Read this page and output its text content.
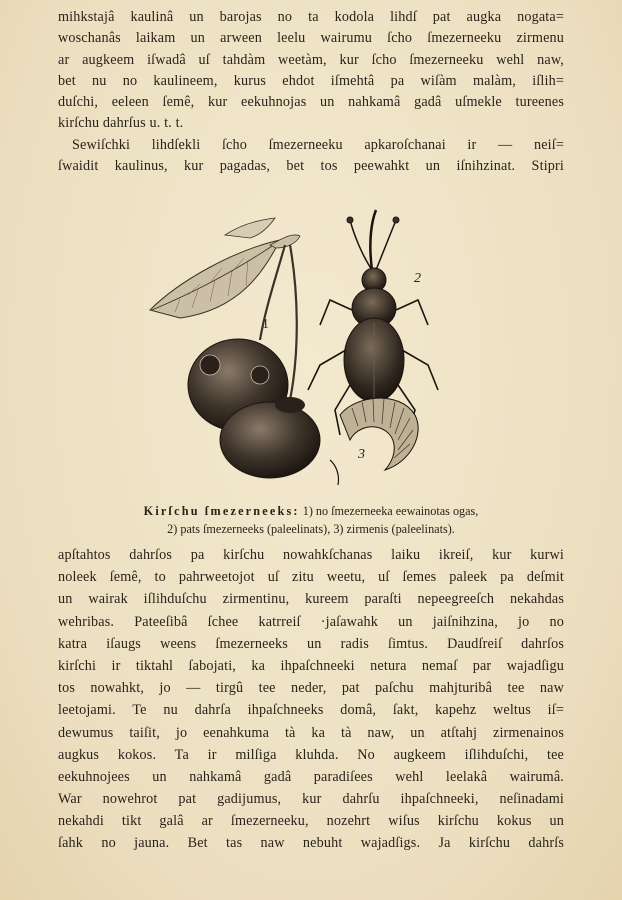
mihkstajâ kaulinâ un barojas no ta kodola lihdſ pat augka nogata=
woschanâs laikam un arween leelu wairumu ſcho ſmezerneeku zirmenu
ar augkeem iſwadâ uſ tahdàm weetàm, kur ſcho ſmezerneeku wehl naw,
bet nu no kaulineem, kurus ehdot iſmehtâ pa wiſàm malàm, iſlih=
duſchi, eeleen ſemê, kur eekuhnojas un nahkamâ gadâ uſmekle tureenes
kirſchu dahrſus u. t. t.
Sewiſchki lihdſekli ſcho ſmezerneeku apkaroſchanai ir — neiſ=
ſwaidit kaulinus, kur pagadas, bet tos peewahkt un iſnihzinat. Stipri
1
2
3
Kirſchu ſmezerneeks: 1) no ſmezerneeka eewainotas ogas,
2) pats ſmezerneeks (paleelinats), 3) zirmenis (paleelinats).
apſtahtos dahrſos pa kirſchu nowahkſchanas laiku ikreiſ, kur kurwi
noleek ſemê, to pahrweetojot uſ zitu weetu, uſ ſemes paleek pa deſmit
un wairak iſlihduſchu zirmentinu, kureem paraſti nepeegreeſch nekahdas
wehribas. Pateeſibâ ſchee katrreiſ ·jaſawahk un jaiſnihzina, jo no
katra iſaugs weens ſmezerneeks un radis ſimtus. Daudſreiſ dahrſos
kirſchi ir tiktahl ſabojati, ka ihpaſchneeki netura nemaſ par wajadſigu
tos nowahkt, jo — tirgû tee neder, pat paſchu mahjturibâ tee naw
leetojami. Te nu dahrſa ihpaſchneeks domâ, ſakt, kapehz weltus iſ=
dewumus taiſit, jo eenahkuma tà ka tà naw, un atſtahj zirmenainos
augkus kokos. Ta ir milſiga kluhda. No augkeem iſlihduſchi, tee
eekuhnojees un nahkamâ gadâ paradiſees wehl leelakâ wairumâ.
War nowehrot pat gadijumus, kur dahrſu ihpaſchneeki, neſinadami
nekahdi tikt galâ ar ſmezerneeku, nozehrt wiſus kirſchu kokus un
ſahk no jauna. Bet tas naw nebuht wajadſigs. Ja kirſchu dahrſs
